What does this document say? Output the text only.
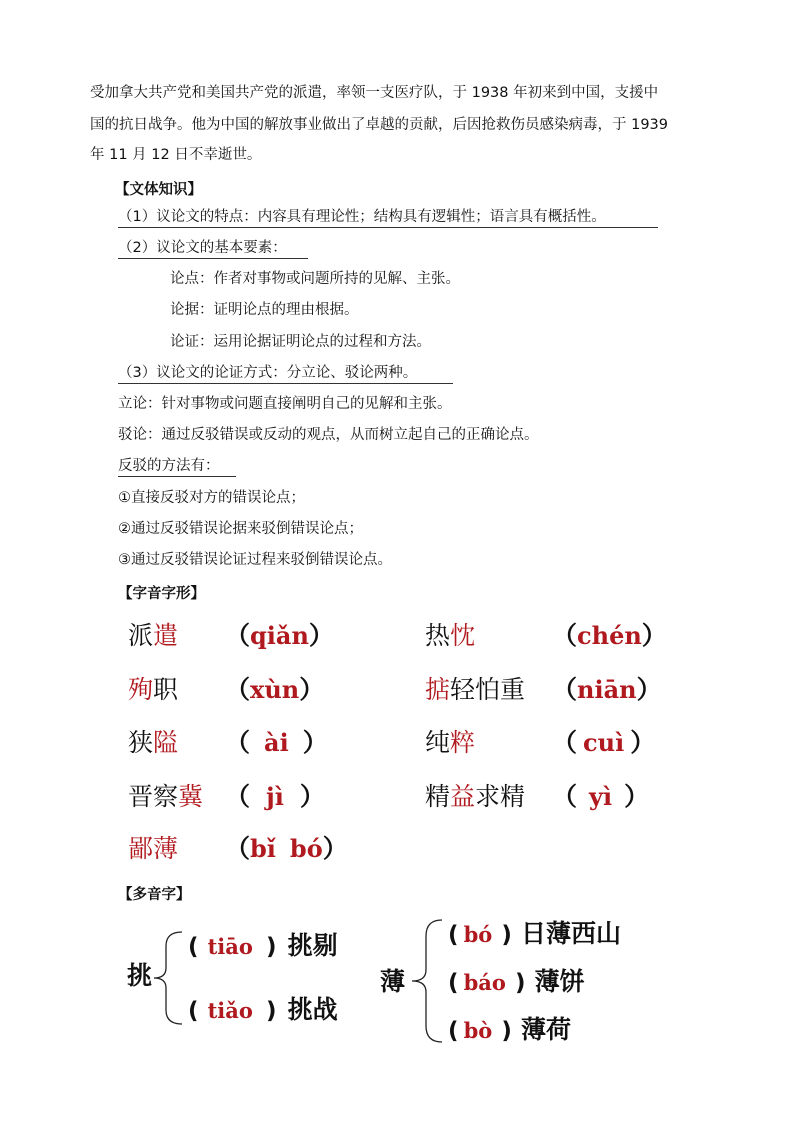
受加拿大共产党和美国共产党的派遣，率领一支医疗队，于 1938 年初来到中国，支援中
国的抗日战争。他为中国的解放事业做出了卓越的贡献，后因抢救伤员感染病毒，于 1939
年 11 月 12 日不幸逝世。
【文体知识】
（1）议论文的特点：内容具有理论性；结构具有逻辑性；语言具有概括性。
（2）议论文的基本要素：
论点：作者对事物或问题所持的见解、主张。
论据：证明论点的理由根据。
论证：运用论据证明论点的过程和方法。
（3）议论文的论证方式：分立论、驳论两种。
立论：针对事物或问题直接阐明自己的见解和主张。
驳论：通过反驳错误或反动的观点，从而树立起自己的正确论点。
反驳的方法有：
①直接反驳对方的错误论点；
②通过反驳错误论据来驳倒错误论点；
③通过反驳错误论证过程来驳倒错误论点。
【字音字形】
派遣 （qiǎn）	热忱	（chén）
殉职 （xùn）	掂轻怕重 （niān）
狭隘 （ ài ）	纯粹	（ cuì ）
晋察冀 （ jì ）	精益求精 （ yì ）
鄙薄 （bǐ bó）
【多音字】
挑
( tiāo ) 挑剔
( tiǎo ) 挑战
薄
( bó ) 日薄西山
( báo ) 薄饼
( bò ) 薄荷
